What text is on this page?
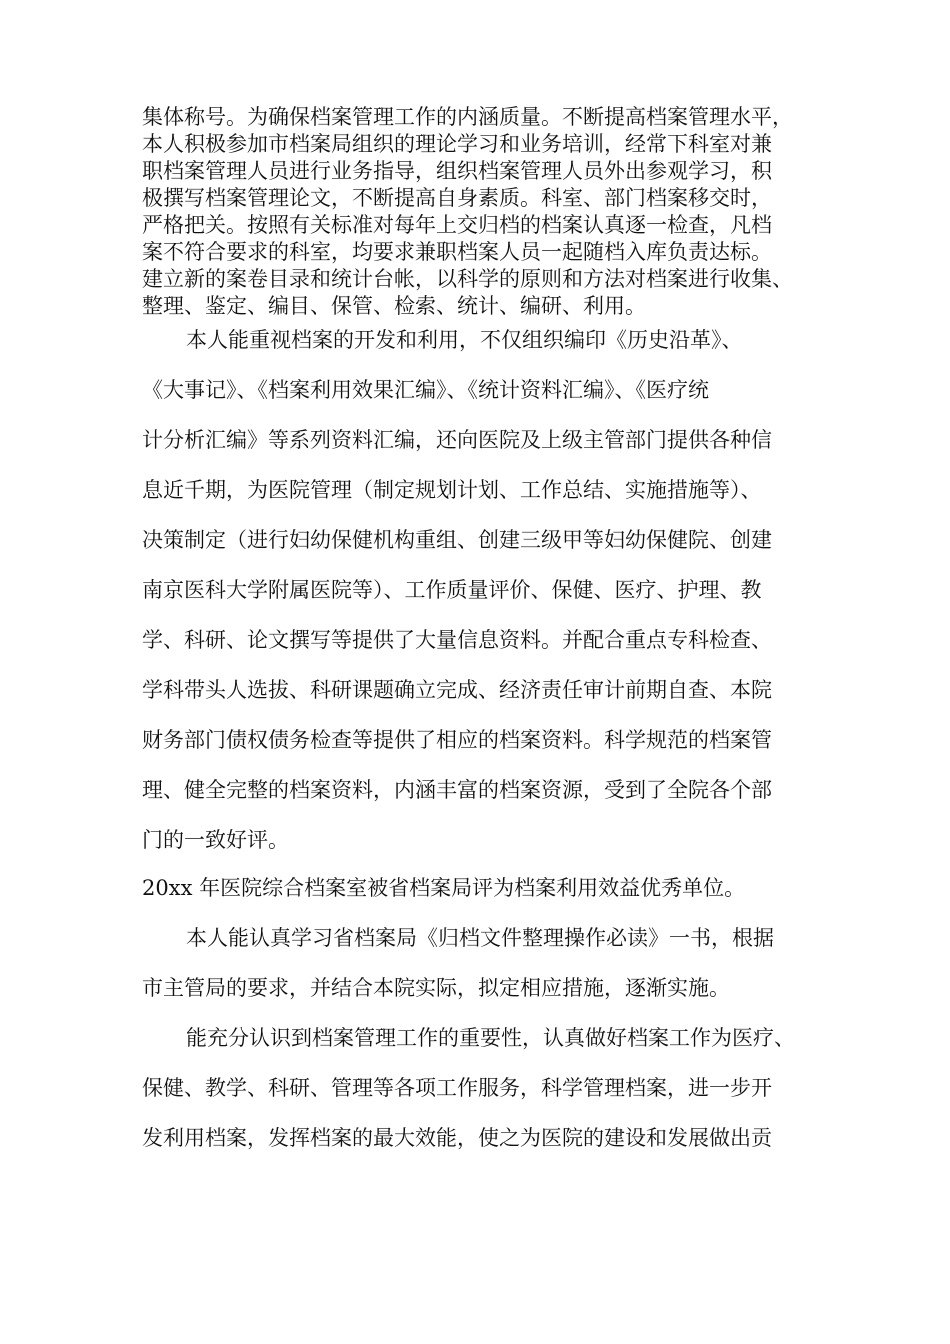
集体称号。为确保档案管理工作的内涵质量。不断提高档案管理水平，
本人积极参加市档案局组织的理论学习和业务培训，经常下科室对兼
职档案管理人员进行业务指导，组织档案管理人员外出参观学习，积
极撰写档案管理论文，不断提高自身素质。科室、部门档案移交时，
严格把关。按照有关标准对每年上交归档的档案认真逐一检查，凡档
案不符合要求的科室，均要求兼职档案人员一起随档入库负责达标。
建立新的案卷目录和统计台帐，以科学的原则和方法对档案进行收集、
整理、鉴定、编目、保管、检索、统计、编研、利用。
本人能重视档案的开发和利用，不仅组织编印《历史沿革》、
《大事记》、《档案利用效果汇编》、《统计资料汇编》、《医疗统
计分析汇编》等系列资料汇编，还向医院及上级主管部门提供各种信
息近千期，为医院管理（制定规划计划、工作总结、实施措施等）、
决策制定（进行妇幼保健机构重组、创建三级甲等妇幼保健院、创建
南京医科大学附属医院等）、工作质量评价、保健、医疗、护理、教
学、科研、论文撰写等提供了大量信息资料。并配合重点专科检查、
学科带头人选拔、科研课题确立完成、经济责任审计前期自查、本院
财务部门债权债务检查等提供了相应的档案资料。科学规范的档案管
理、健全完整的档案资料，内涵丰富的档案资源，受到了全院各个部
门的一致好评。
20xx 年医院综合档案室被省档案局评为档案利用效益优秀单位。
本人能认真学习省档案局《归档文件整理操作必读》一书，根据
市主管局的要求，并结合本院实际，拟定相应措施，逐渐实施。
能充分认识到档案管理工作的重要性，认真做好档案工作为医疗、
保健、教学、科研、管理等各项工作服务，科学管理档案，进一步开
发利用档案，发挥档案的最大效能，使之为医院的建设和发展做出贡
